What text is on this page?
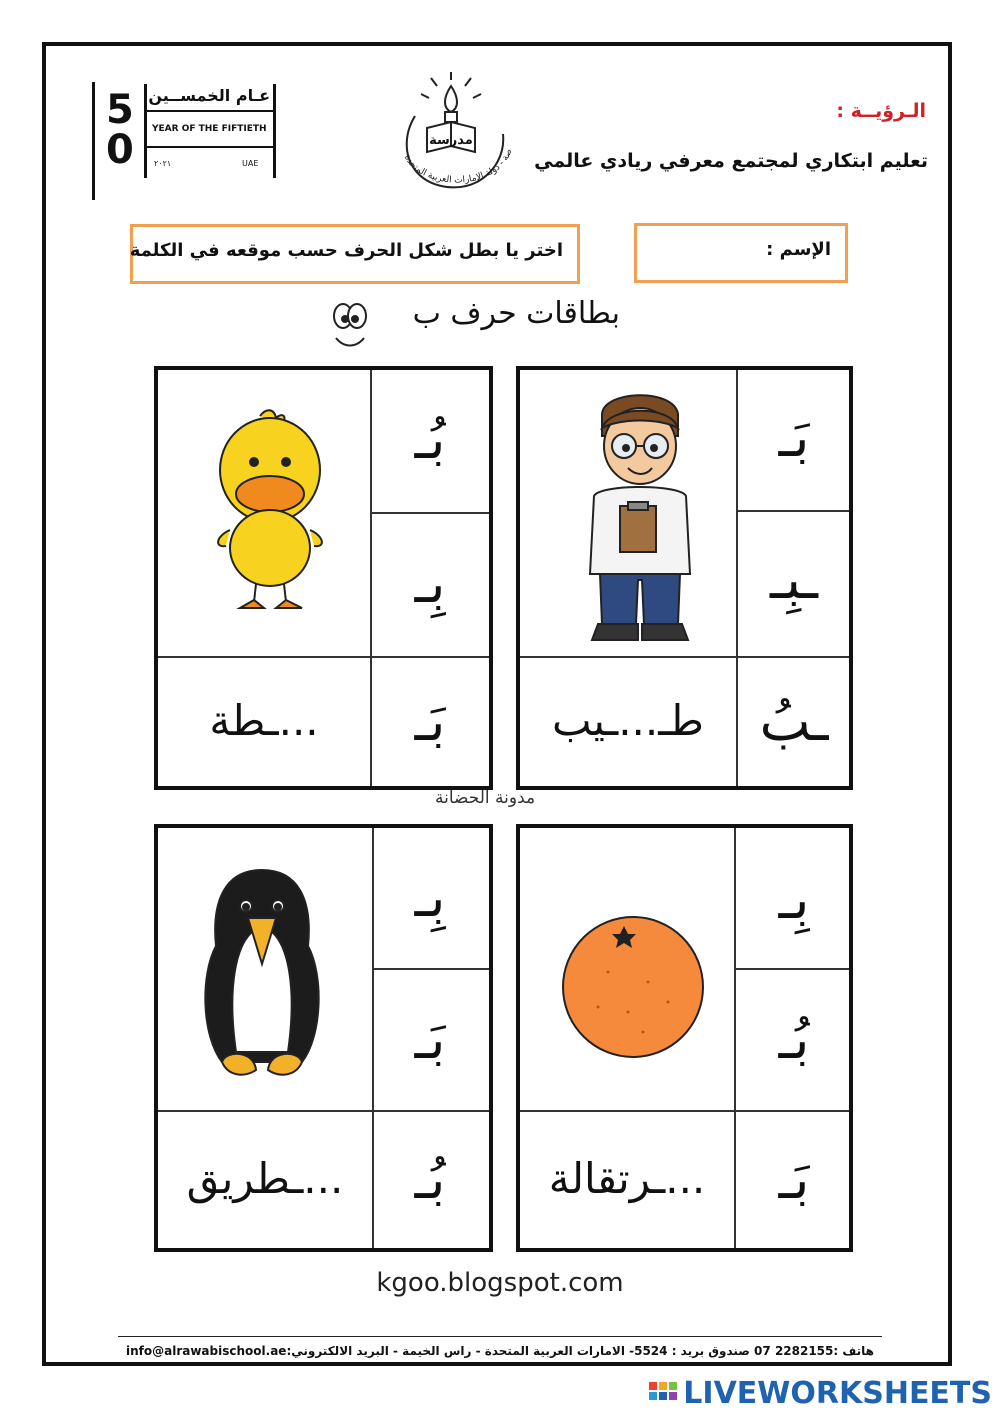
5
0
عـام الخمســين
YEAR OF THE FIFTIETH
٢٠٢١	UAE
مدرسة
صة - دولة الإمارات العربية المتحدة
الـرؤيــة :
تعليم ابتكاري لمجتمع معرفي ريادي عالمي
الإسم :
اختر يا بطل شكل الحرف حسب موقعه في الكلمة
بطاقات حرف ب
بَـ
ـبِـ
ـبُ
طـ...ـيب
بُـ
بِـ
بَـ
...ـطة
مدونة الحضانة
بِـ
بُـ
بَـ
...ـرتقالة
بِـ
بَـ
بُـ
...ـطريق
kgoo.blogspot.com
هاتف :2282155 07 صندوق بريد : 5524- الامارات العربية المتحدة - راس الخيمة - البريد الالكتروني:info@alrawabischool.ae
LIVEWORKSHEETS
